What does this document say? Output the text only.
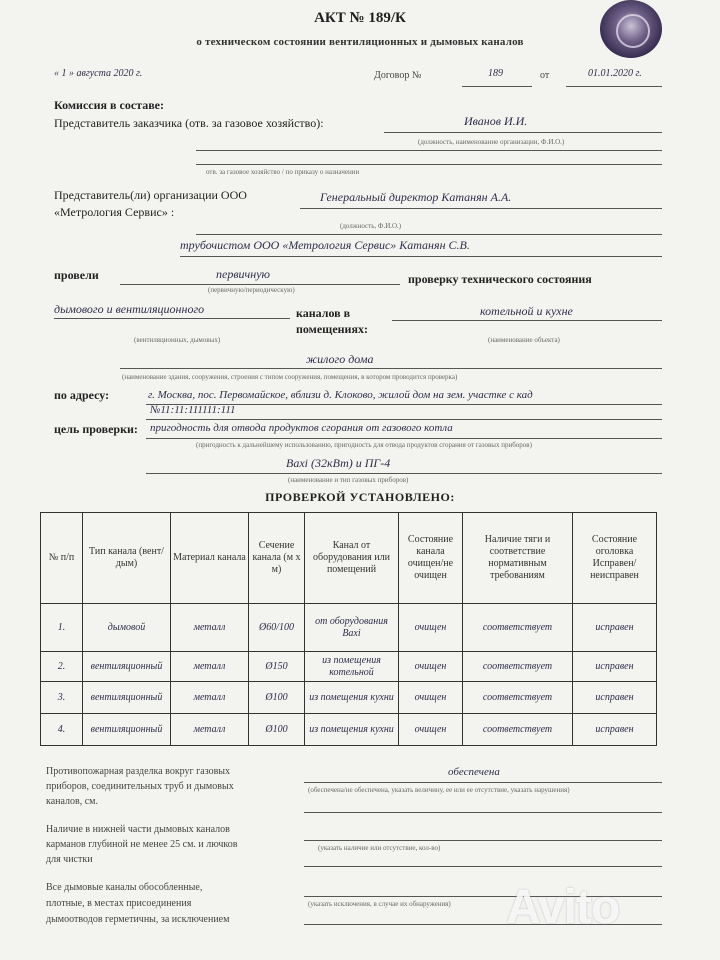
АКТ № 189/К
о техническом состоянии вентиляционных и дымовых каналов
« 1 » августа 2020 г.	Договор №	189	от	01.01.2020 г.
Комиссия в составе:
Представитель заказчика (отв. за газовое хозяйство):	Иванов И.И.
(должность, наименование организации, Ф.И.О.)
отв. за газовое хозяйство / по приказу о назначении
Представитель(ли) организации ООО
«Метрология Сервис» :
Генеральный директор Катанян А.А.
(должность, Ф.И.О.)
трубочистом ООО «Метрология Сервис» Катанян С.В.
провели	первичную
(первичную/периодическую)
проверку технического состояния
дымового и вентиляционного
(вентиляционных, дымовых)
каналов в
помещениях:
котельной и кухне
(наименование объекта)
жилого дома
(наименование здания, сооружения, строения с типом сооружения, помещения, в котором проводится проверка)
по адресу:	г. Москва, пос. Первомайское, вблизи д. Клоково, жилой дом на зем. участке с кад
№11:11:111111:111
цель проверки: пригодность для отвода продуктов сгорания от газового котла
(пригодность к дальнейшему использованию, пригодность для отвода продуктов сгорания от газовых приборов)
Baxi (32кВт) и ПГ-4
(наименование и тип газовых приборов)
ПРОВЕРКОЙ УСТАНОВЛЕНО:
№ п/п	Тип канала (вент/дым)	Материал канала	Сечение канала (м х м)	Канал от оборудования или помещений	Состояние канала очищен/не очищен	Наличие тяги и соответствие нормативным требованиям	Состояние оголовка Исправен/неисправен
1.	дымовой	металл	Ø60/100	от оборудования Baxi	очищен	соответствует	исправен
2.	вентиляционный	металл	Ø150	из помещения котельной	очищен	соответствует	исправен
3.	вентиляционный	металл	Ø100	из помещения кухни	очищен	соответствует	исправен
4.	вентиляционный	металл	Ø100	из помещения кухни	очищен	соответствует	исправен
Противопожарная разделка вокруг газовых
приборов, соединительных труб и дымовых
каналов, см.
обеспечена
(обеспечена/не обеспечена, указать величину, ее или ее отсутствие, указать нарушения)
Наличие в нижней части дымовых каналов
карманов глубиной не менее 25 см. и лючков
для чистки
(указать наличие или отсутствие, кол-во)
Все дымовые каналы обособленные,
плотные, в местах присоединения
дымоотводов герметичны, за исключением
(указать исключения, в случае их обнаружения) Avito
